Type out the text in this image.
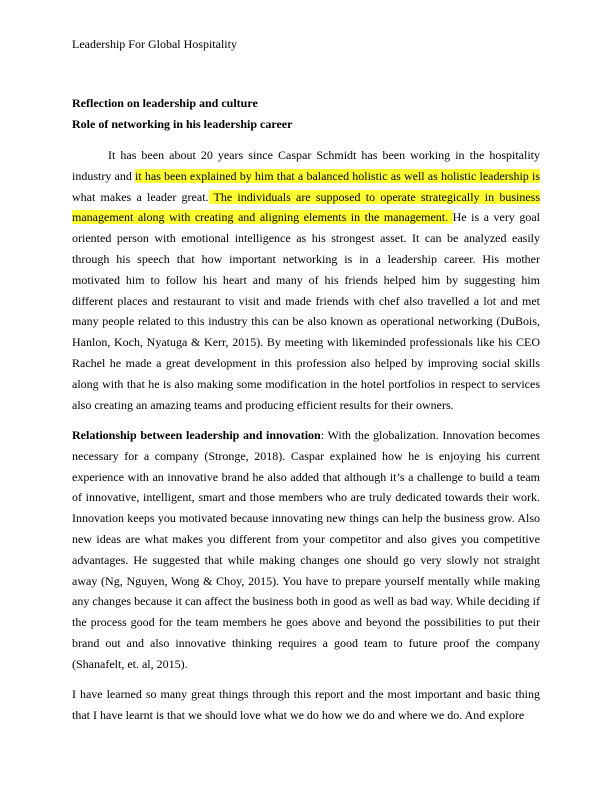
Leadership For Global Hospitality
Reflection on leadership and culture
Role of networking in his leadership career

It has been about 20 years since Caspar Schmidt has been working in the hospitality industry and it has been explained by him that a balanced holistic as well as holistic leadership is what makes a leader great. The individuals are supposed to operate strategically in business management along with creating and aligning elements in the management. He is a very goal oriented person with emotional intelligence as his strongest asset. It can be analyzed easily through his speech that how important networking is in a leadership career. His mother motivated him to follow his heart and many of his friends helped him by suggesting him different places and restaurant to visit and made friends with chef also travelled a lot and met many people related to this industry this can be also known as operational networking (DuBois, Hanlon, Koch, Nyatuga & Kerr, 2015). By meeting with likeminded professionals like his CEO Rachel he made a great development in this profession also helped by improving social skills along with that he is also making some modification in the hotel portfolios in respect to services also creating an amazing teams and producing efficient results for their owners.

Relationship between leadership and innovation: With the globalization. Innovation becomes necessary for a company (Stronge, 2018). Caspar explained how he is enjoying his current experience with an innovative brand he also added that although it’s a challenge to build a team of innovative, intelligent, smart and those members who are truly dedicated towards their work. Innovation keeps you motivated because innovating new things can help the business grow. Also new ideas are what makes you different from your competitor and also gives you competitive advantages. He suggested that while making changes one should go very slowly not straight away (Ng, Nguyen, Wong & Choy, 2015). You have to prepare yourself mentally while making any changes because it can affect the business both in good as well as bad way. While deciding if the process good for the team members he goes above and beyond the possibilities to put their brand out and also innovative thinking requires a good team to future proof the company (Shanafelt, et. al, 2015).

I have learned so many great things through this report and the most important and basic thing that I have learnt is that we should love what we do how we do and where we do. And explore
